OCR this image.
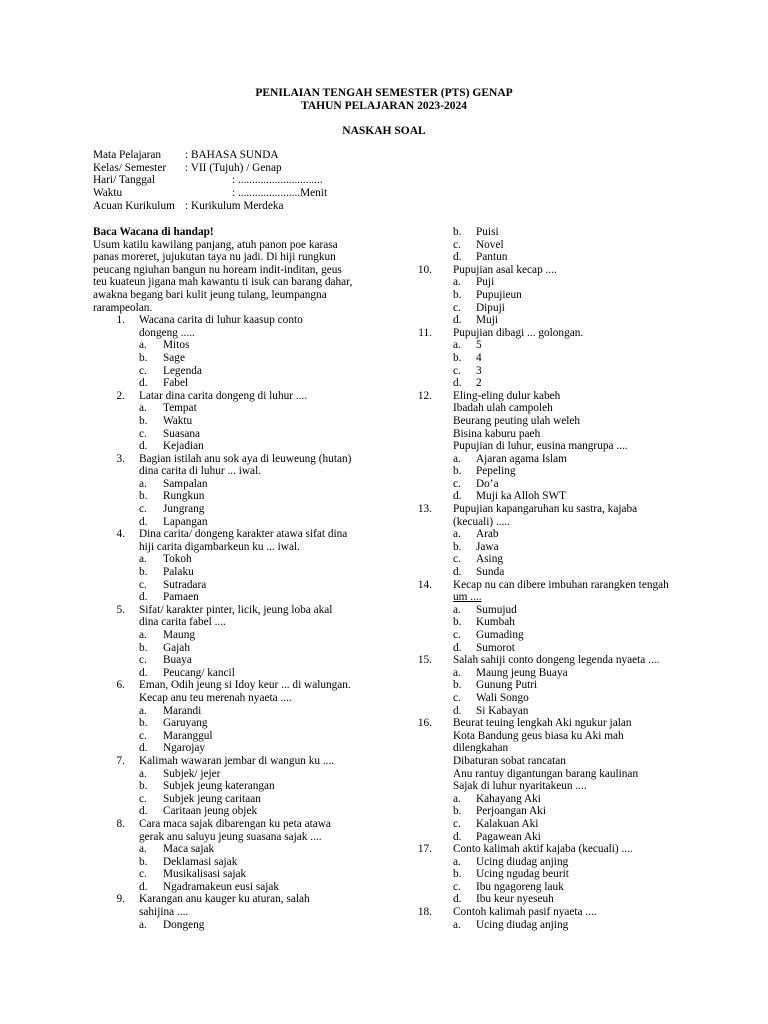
PENILAIAN TENGAH SEMESTER (PTS) GENAP
TAHUN PELAJARAN 2023-2024
NASKAH SOAL
Mata Pelajaran : BAHASA SUNDA
Kelas/ Semester : VII (Tujuh) / Genap
Hari/ Tanggal	: ..............................
Waktu	: ......................Menit
Acuan Kurikulum : Kurikulum Merdeka
Baca Wacana di handap!
Usum katilu kawilang panjang, atuh panon poe karasa
panas moreret, jujukutan taya nu jadi. Di hiji rungkun
peucang ngiuhan bangun nu hoream indit-inditan, geus
teu kuateun jigana mah kawantu ti isuk can barang dahar,
awakna begang bari kulit jeung tulang, leumpangna
rarampeolan.
1.	Wacana carita di luhur kaasup conto
dongeng .....
a. Mitos
b. Sage
c. Legenda
d. Fabel
2.	Latar dina carita dongeng di luhur ....
a. Tempat
b. Waktu
c. Suasana
d. Kejadian
3.	Bagian istilah anu sok aya di leuweung (hutan)
dina carita di luhur ... iwal.
a. Sampalan
b. Rungkun
c. Jungrang
d. Lapangan
4.	Dina carita/ dongeng karakter atawa sifat dina
hiji carita digambarkeun ku ... iwal.
a. Tokoh
b. Palaku
c. Sutradara
d. Pamaen
5.	Sifat/ karakter pinter, licik, jeung loba akal
dina carita fabel ....
a. Maung
b. Gajah
c. Buaya
d. Peucang/ kancil
6.	Eman, Odih jeung si Idoy keur ... di walungan.
Kecap anu teu merenah nyaeta ....
a. Marandi
b. Garuyang
c. Maranggul
d. Ngarojay
7.	Kalimah wawaran jembar di wangun ku ....
a. Subjek/ jejer
b. Subjek jeung katerangan
c. Subjek jeung caritaan
d. Caritaan jeung objek
8.	Cara maca sajak dibarengan ku peta atawa
gerak anu saluyu jeung suasana sajak ....
a. Maca sajak
b. Deklamasi sajak
c. Musikalisasi sajak
d. Ngadramakeun eusi sajak
9.	Karangan anu kauger ku aturan, salah
sahijina ....
a. Dongeng
b. Puisi
c. Novel
d. Pantun
10.	Pupujian asal kecap ....
a. Puji
b. Pupujieun
c. Dipuji
d. Muji
11.	Pupujian dibagi ... golongan.
a. 5
b. 4
c. 3
d. 2
12.	Eling-eling dulur kabeh
Ibadah ulah campoleh
Beurang peuting ulah weleh
Bisina kaburu paeh
Pupujian di luhur, eusina mangrupa ....
a. Ajaran agama Islam
b. Pepeling
c. Do’a
d. Muji ka Alloh SWT
13.	Pupujian kapangaruhan ku sastra, kajaba
(kecuali) .....
a. Arab
b. Jawa
c. Asing
d. Sunda
14.	Kecap nu can dibere imbuhan rarangken tengah
um ....
a. Sumujud
b. Kumbah
c. Gumading
d. Sumorot
15.	Salah sahiji conto dongeng legenda nyaeta ....
a. Maung jeung Buaya
b. Gunung Putri
c. Wali Songo
d. Si Kabayan
16.	Beurat teuing lengkah Aki ngukur jalan
Kota Bandung geus biasa ku Aki mah
dilengkahan
Dibaturan sobat rancatan
Anu rantuy digantungan barang kaulinan
Sajak di luhur nyaritakeun ....
a. Kahayang Aki
b. Perjoangan Aki
c. Kalakuan Aki
d. Pagawean Aki
17.	Conto kalimah aktif kajaba (kecuali) ....
a. Ucing diudag anjing
b. Ucing ngudag beurit
c. Ibu ngagoreng lauk
d. Ibu keur nyeseuh
18.	Contoh kalimah pasif nyaeta ....
a. Ucing diudag anjing
